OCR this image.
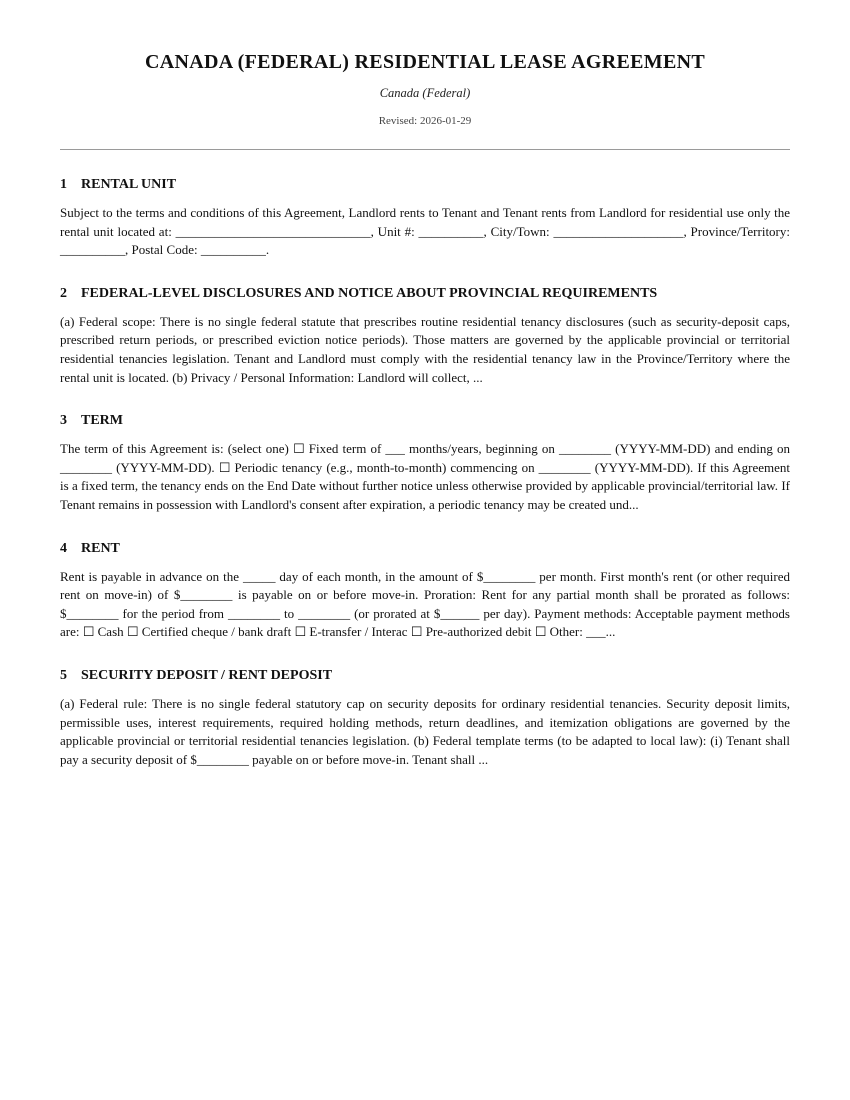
CANADA (FEDERAL) RESIDENTIAL LEASE AGREEMENT

Canada (Federal)

Revised: 2026-01-29

1 RENTAL UNIT

Subject to the terms and conditions of this Agreement, Landlord rents to Tenant and Tenant rents from Landlord for residential use only the rental unit located at: ______________________________, Unit #: __________, City/Town: ____________________, Province/Territory: __________, Postal Code: __________.

2 FEDERAL-LEVEL DISCLOSURES AND NOTICE ABOUT PROVINCIAL REQUIREMENTS

(a) Federal scope: There is no single federal statute that prescribes routine residential tenancy disclosures (such as security-deposit caps, prescribed return periods, or prescribed eviction notice periods). Those matters are governed by the applicable provincial or territorial residential tenancies legislation. Tenant and Landlord must comply with the residential tenancy law in the Province/Territory where the rental unit is located. (b) Privacy / Personal Information: Landlord will collect, ...

3 TERM

The term of this Agreement is: (select one) ☐ Fixed term of ___ months/years, beginning on ________ (YYYY-MM-DD) and ending on ________ (YYYY-MM-DD). ☐ Periodic tenancy (e.g., month-to-month) commencing on ________ (YYYY-MM-DD). If this Agreement is a fixed term, the tenancy ends on the End Date without further notice unless otherwise provided by applicable provincial/territorial law. If Tenant remains in possession with Landlord's consent after expiration, a periodic tenancy may be created und...

4 RENT

Rent is payable in advance on the _____ day of each month, in the amount of $________ per month. First month's rent (or other required rent on move-in) of $________ is payable on or before move-in. Proration: Rent for any partial month shall be prorated as follows: $________ for the period from ________ to ________ (or prorated at $______ per day). Payment methods: Acceptable payment methods are: ☐ Cash ☐ Certified cheque / bank draft ☐ E-transfer / Interac ☐ Pre-authorized debit ☐ Other: ___...

5 SECURITY DEPOSIT / RENT DEPOSIT

(a) Federal rule: There is no single federal statutory cap on security deposits for ordinary residential tenancies. Security deposit limits, permissible uses, interest requirements, required holding methods, return deadlines, and itemization obligations are governed by the applicable provincial or territorial residential tenancies legislation. (b) Federal template terms (to be adapted to local law): (i) Tenant shall pay a security deposit of $________ payable on or before move-in. Tenant shall ...
